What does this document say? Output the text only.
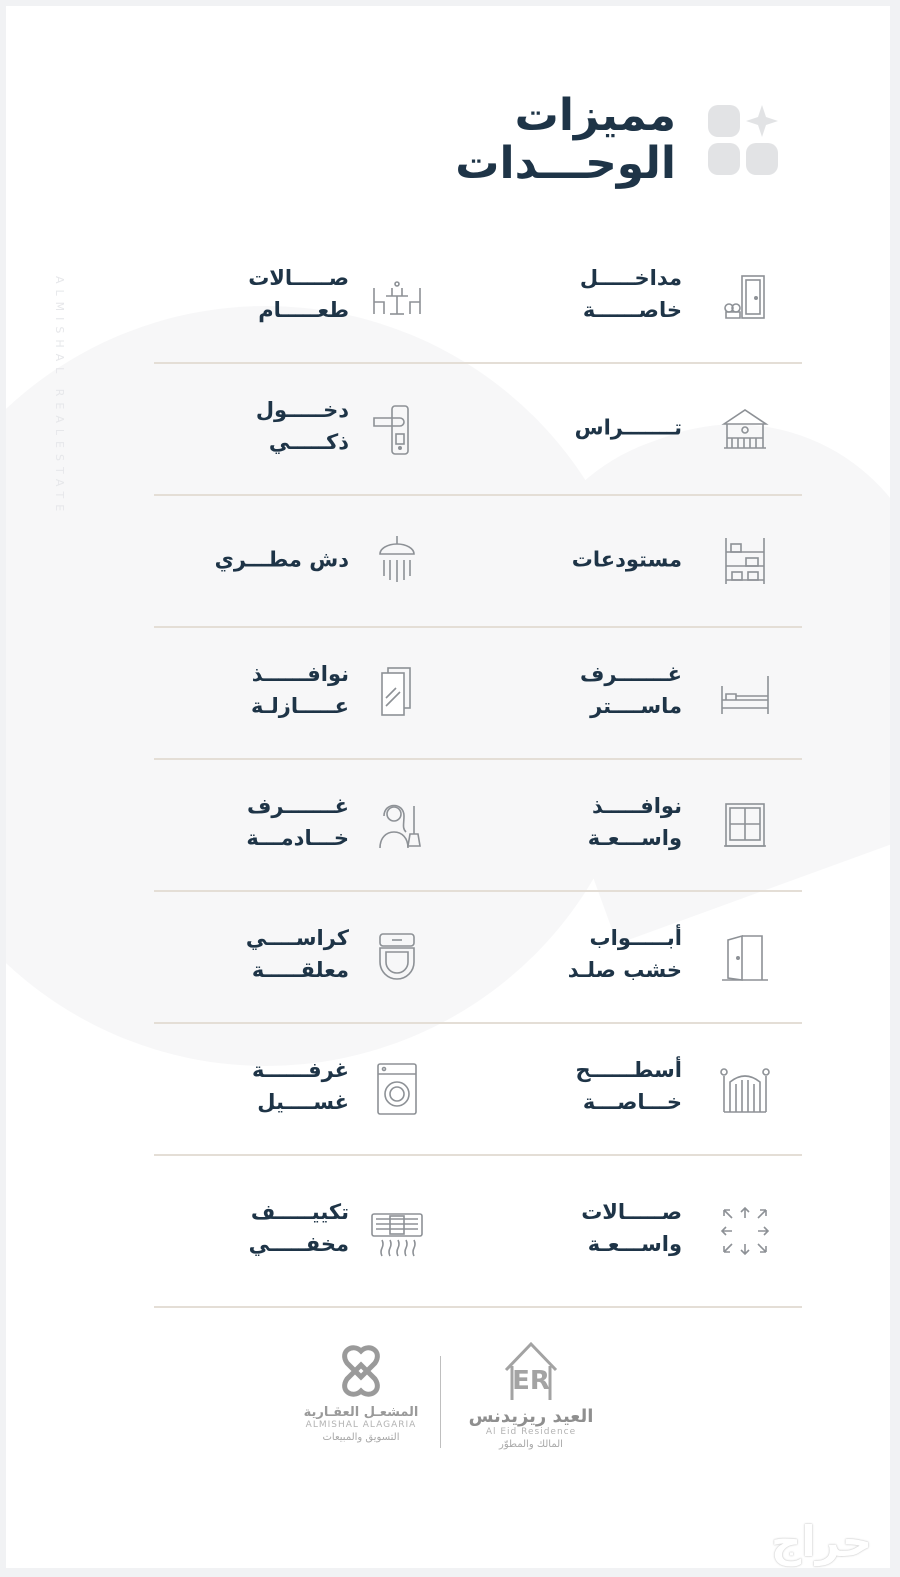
ALMISHAL REALESTATE
مميزات
الوحـــدات
مداخـــــل
خاصــــــة
صـــــالات
طعـــــام
تـــــــراس
دخـــــول
ذكـــــي
مستودعات
دش مطـــري
غـــــــرف
ماســــتر
نوافــــــذ
عـــــازلـة
نوافـــــذ
واســـعـة
غـــــــرف
خـــادمـــة
أبـــــواب
خشب صلـد
كراســــي
معلقـــــة
أسطــــــح
خـــاصـــة
غرفــــــة
غســــيل
صـــــالات
واســـعـة
تكييـــــف
مخفـــــي
المشعـل العقـارية
ALMISHAL ALAGARIA
التسويق والمبيعات
ER
العيد ريزيدنس
Al Eid Residence
المالك والمطوّر
حراج
